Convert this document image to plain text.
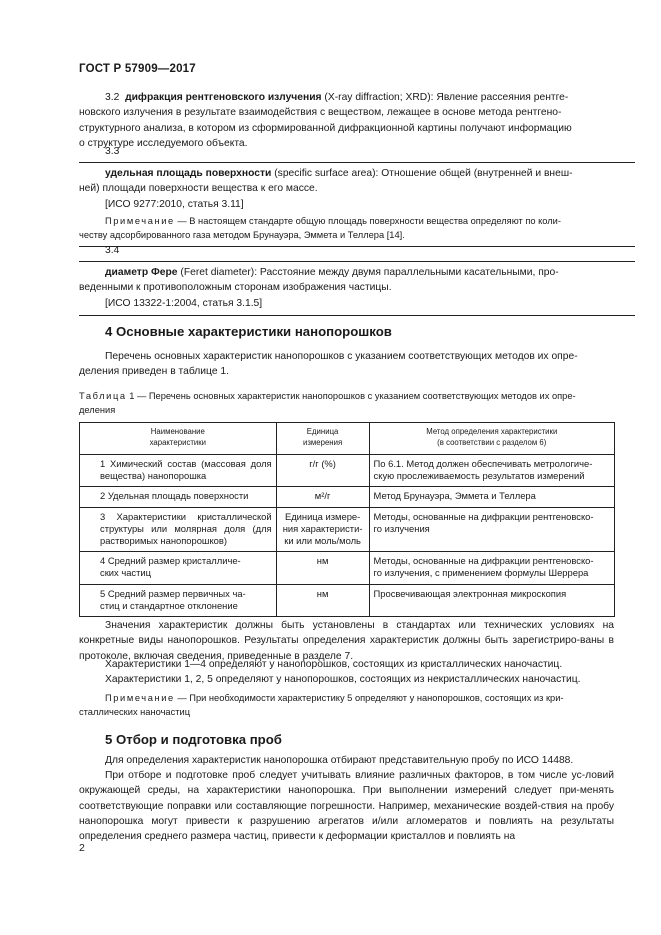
ГОСТ Р 57909—2017
3.2 дифракция рентгеновского излучения (X-ray diffraction; XRD): Явление рассеяния рентге-
новского излучения в результате взаимодействия с веществом, лежащее в основе метода рентгено-
структурного анализа, в котором из сформированной дифракционной картины получают информацию
о структуре исследуемого объекта.
3.3
удельная площадь поверхности (specific surface area): Отношение общей (внутренней и внеш-
ней) площади поверхности вещества к его массе.
[ИСО 9277:2010, статья 3.11]
Примечание — В настоящем стандарте общую площадь поверхности вещества определяют по коли-
честву адсорбированного газа методом Брунауэра, Эммета и Теллера [14].
3.4
диаметр Фере (Feret diameter): Расстояние между двумя параллельными касательными, про-
веденными к противоположным сторонам изображения частицы.
[ИСО 13322-1:2004, статья 3.1.5]
4 Основные характеристики нанопорошков
Перечень основных характеристик нанопорошков с указанием соответствующих методов их опре-
деления приведен в таблице 1.
Таблица 1 — Перечень основных характеристик нанопорошков с указанием соответствующих методов их опре-
деления
Наименование
характеристики	Единица
измерения	Метод определения характеристики
(в соответствии с разделом 6)
1 Химический состав (массовая доля вещества) нанопорошка	г/г (%)	По 6.1. Метод должен обеспечивать метрологиче-
скую прослеживаемость результатов измерений
2 Удельная площадь поверхности	м²/г	Метод Брунауэра, Эммета и Теллера
3 Характеристики кристаллической структуры или молярная доля (для растворимых нанопорошков)	Единица измере-
ния характеристи-
ки или моль/моль	Методы, основанные на дифракции рентгеновско-
го излучения
4 Средний размер кристалличе-
ских частиц	нм	Методы, основанные на дифракции рентгеновско-
го излучения, с применением формулы Шеррера
5 Средний размер первичных ча-
стиц и стандартное отклонение	нм	Просвечивающая электронная микроскопия
Значения характеристик должны быть установлены в стандартах или технических условиях на конкретные виды нанопорошков. Результаты определения характеристик должны быть зарегистриро-ваны в протоколе, включая сведения, приведенные в разделе 7.
Характеристики 1—4 определяют у нанопорошков, состоящих из кристаллических наночастиц.
Характеристики 1, 2, 5 определяют у нанопорошков, состоящих из некристаллических наночастиц.
Примечание — При необходимости характеристику 5 определяют у нанопорошков, состоящих из кри-
сталлических наночастиц
5 Отбор и подготовка проб
Для определения характеристик нанопорошка отбирают представительную пробу по ИСО 14488.
При отборе и подготовке проб следует учитывать влияние различных факторов, в том числе ус-ловий окружающей среды, на характеристики нанопорошка. При выполнении измерений следует при-менять соответствующие поправки или составляющие погрешности. Например, механические воздей-ствия на пробу нанопорошка могут привести к разрушению агрегатов и/или агломератов и повлиять на результаты определения среднего размера частиц, привести к деформации кристаллов и повлиять на
2
